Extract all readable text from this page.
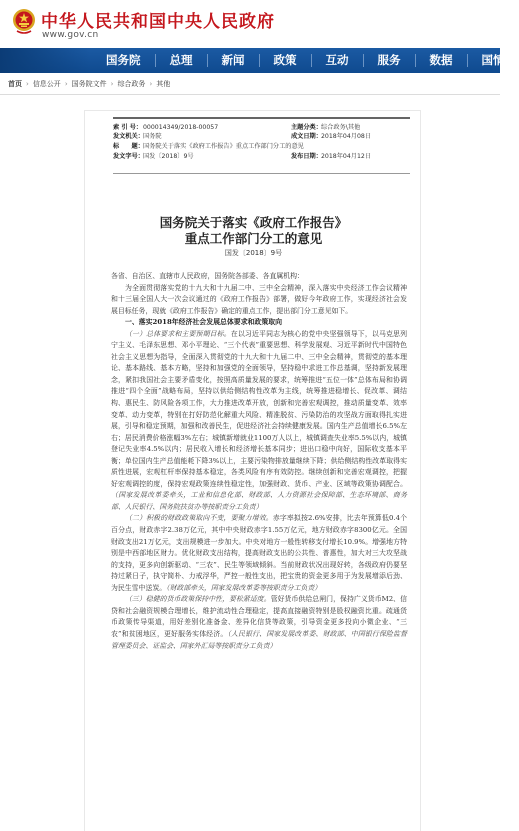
中华人民共和国中央人民政府
www.gov.cn
国务院	总理	新闻	政策	互动	服务	数据	国情
首页 › 信息公开 › 国务院文件 › 综合政务 › 其他
索 引 号：000014349/2018-00057	主题分类：综合政务\其他
发文机关：国务院	成文日期：2018年04月08日
标　　题：国务院关于落实《政府工作报告》重点工作部门分工的意见
发文字号：国发〔2018〕9号	发布日期：2018年04月12日
国务院关于落实《政府工作报告》
重点工作部门分工的意见
国发〔2018〕9号

各省、自治区、直辖市人民政府，国务院各部委、各直属机构：

为全面贯彻落实党的十九大和十九届二中、三中全会精神，深入落实中央经济工作会议精神和十三届全国人大一次会议通过的《政府工作报告》部署，做好今年政府工作，实现经济社会发展目标任务，现就《政府工作报告》确定的重点工作，提出部门分工意见如下。

一、落实2018年经济社会发展总体要求和政策取向

（一）总体要求和主要预期目标。在以习近平同志为核心的党中央坚强领导下，以马克思列宁主义、毛泽东思想、邓小平理论、“三个代表”重要思想、科学发展观、习近平新时代中国特色社会主义思想为指导，全面深入贯彻党的十九大和十九届二中、三中全会精神，贯彻党的基本理论、基本路线、基本方略，坚持和加强党的全面领导，坚持稳中求进工作总基调，坚持新发展理念，紧扣我国社会主要矛盾变化，按照高质量发展的要求，统筹推进“五位一体”总体布局和协调推进“四个全面”战略布局，坚持以供给侧结构性改革为主线，统筹推进稳增长、促改革、调结构、惠民生、防风险各项工作，大力推进改革开放，创新和完善宏观调控，推动质量变革、效率变革、动力变革，特别在打好防范化解重大风险、精准脱贫、污染防治的攻坚战方面取得扎实进展，引导和稳定预期，加强和改善民生，促进经济社会持续健康发展。国内生产总值增长6.5%左右；居民消费价格涨幅3%左右；城镇新增就业1100万人以上，城镇调查失业率5.5%以内，城镇登记失业率4.5%以内；居民收入增长和经济增长基本同步；进出口稳中向好，国际收支基本平衡；单位国内生产总值能耗下降3%以上，主要污染物排放量继续下降；供给侧结构性改革取得实质性进展，宏观杠杆率保持基本稳定，各类风险有序有效防控。继续创新和完善宏观调控，把握好宏观调控的度，保持宏观政策连续性稳定性，加强财政、货币、产业、区域等政策协调配合。（国家发展改革委牵头，工业和信息化部、财政部、人力资源社会保障部、生态环境部、商务部、人民银行、国务院扶贫办等按职责分工负责）

（二）积极的财政政策取向不变，要聚力增效。赤字率拟按2.6%安排，比去年预算低0.4个百分点，财政赤字2.38万亿元，其中中央财政赤字1.55万亿元，地方财政赤字8300亿元。全国财政支出21万亿元，支出规模进一步加大。中央对地方一般性转移支付增长10.9%。增强地方特别是中西部地区财力。优化财政支出结构，提高财政支出的公共性、普惠性，加大对三大攻坚战的支持，更多向创新驱动、“三农”、民生等领域倾斜。当前财政状况出现好转，各级政府仍要坚持过紧日子，执守简朴、力戒浮华，严控一般性支出，把宝贵的资金更多用于为发展增添后劲、为民生雪中送炭。（财政部牵头，国家发展改革委等按职责分工负责）

（三）稳健的货币政策保持中性，要松紧适度。管好货币供给总闸门，保持广义货币M2、信贷和社会融资规模合理增长，维护流动性合理稳定，提高直接融资特别是股权融资比重。疏通货币政策传导渠道，用好差别化准备金、差异化信贷等政策，引导资金更多投向小微企业、“三农”和贫困地区，更好服务实体经济。（人民银行、国家发展改革委、财政部、中国银行保险监督管理委员会、证监会、国家外汇局等按职责分工负责）
